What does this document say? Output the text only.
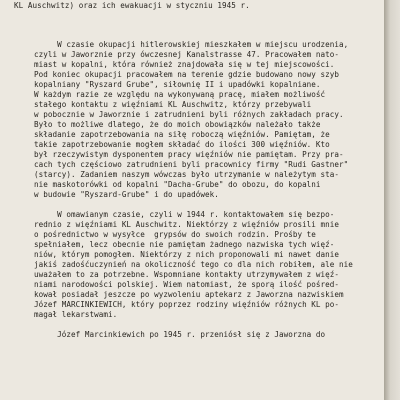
KL Auschwitz) oraz ich ewakuacji w styczniu 1945 r.
W czasie okupacji hitlerowskiej mieszkałem w miejscu urodzenia,
czyli w Jaworznie przy ówczesnej Kanalstrasse 47. Pracowałem nato-
miast w kopalni, która również znajdowała się w tej miejscowości.
Pod koniec okupacji pracowałem na terenie gdzie budowano nowy szyb
kopalniany "Ryszard Grube", siłownię II i upadówki kopalniane.
W każdym razie ze względu na wykonywaną pracę, miałem możliwość
stałego kontaktu z więźniami KL Auschwitz, którzy przebywali
w pobocznie w Jaworznie i zatrudnieni byli różnych zakładach pracy.
Było to możliwe dlatego, że do moich obowiązków należało także
składanie zapotrzebowania na siłę roboczą więźniów. Pamiętam, że
takie zapotrzebowanie mogłem składać do ilości 300 więźniów. Kto
był rzeczywistym dysponentem pracy więźniów nie pamiętam. Przy pra-
cach tych częściowo zatrudnieni byli pracownicy firmy "Rudi Gastner"
(starcy). Zadaniem naszym wówczas było utrzymanie w należytym sta-
nie maskotorówki od kopalni "Dacha-Grube" do obozu, do kopalni
w budowie "Ryszard-Grube" i do upadówek.
W omawianym czasie, czyli w 1944 r. kontaktowałem się bezpo-
rednio z więźniami KL Auschwitz. Niektórzy z więźniów prosili mnie
o pośrednictwo w wysyłce  grypsów do swoich rodzin. Prośby te
spełniałem, lecz obecnie nie pamiętam żadnego nazwiska tych więź-
niów, którym pomogłem. Niektórzy z nich proponowali mi nawet danie
jakiś zadośćuczynień na okoliczność tego co dla nich robiłem, ale nie
uważałem to za potrzebne. Wspomniane kontakty utrzymywałem z więź-
niami narodowości polskiej. Wiem natomiast, że sporą ilość pośred-
kował posiadał jeszcze po wyzwoleniu aptekarz z Jaworzna nazwiskiem
Józef MARCINKIEWICH, który poprzez rodziny więźniów różnych KL po-
magał lekarstwami.
Józef Marcinkiewich po 1945 r. przeniósł się z Jaworzna do
